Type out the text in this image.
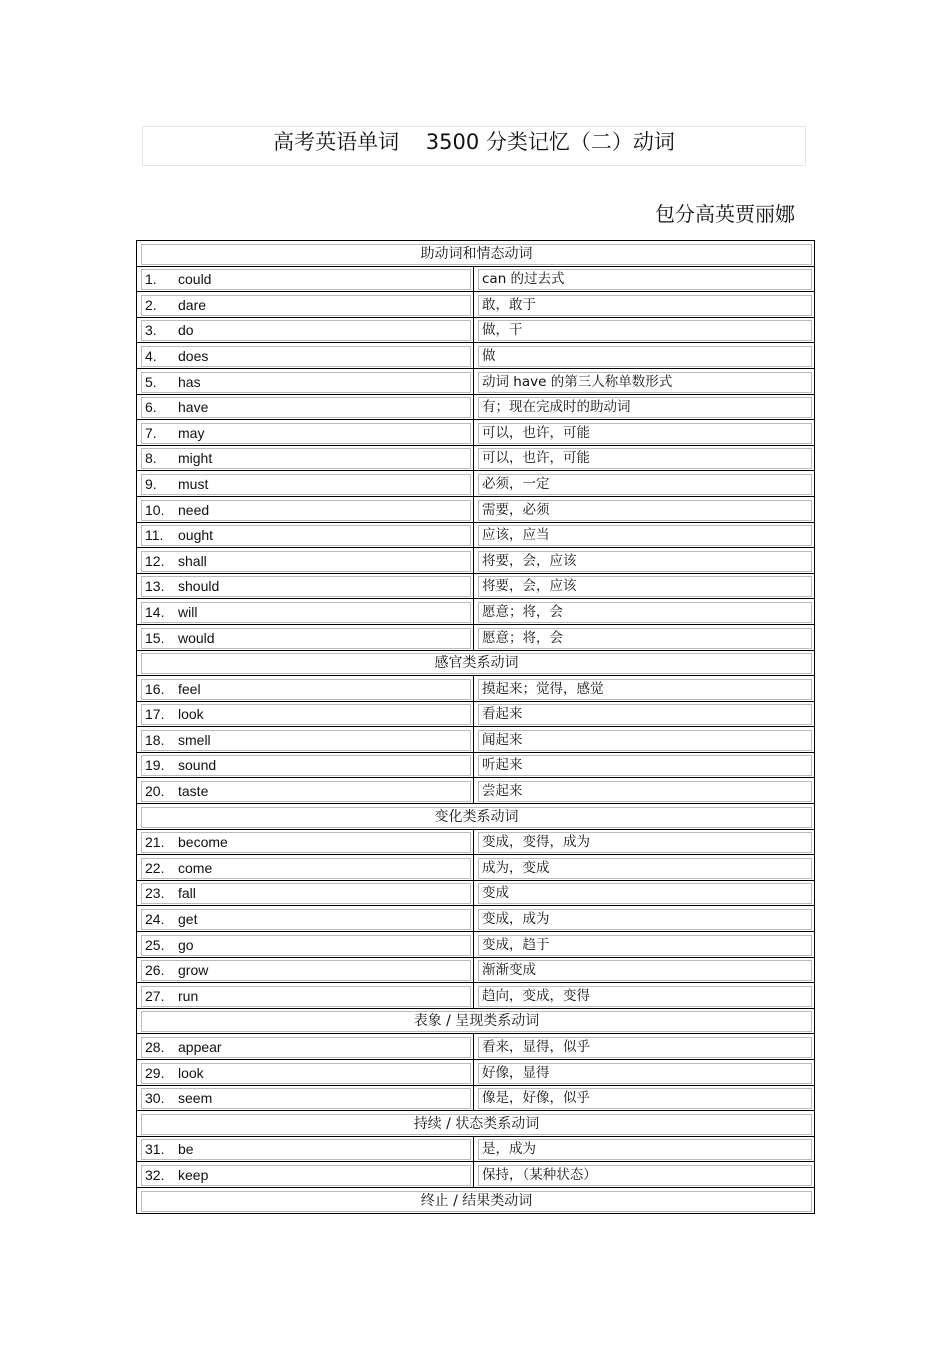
高考英语单词    3500 分类记忆（二）动词
包分高英贾丽娜
助动词和情态动词	

1. could	can 的过去式

2. dare	敢，敢于

3. do	做，干

4. does	做

5. has	动词 have 的第三人称单数形式

6. have	有；现在完成时的助动词

7. may	可以，也许，可能

8. might	可以，也许，可能

9. must	必须，一定

10. need	需要，必须

11. ought	应该，应当

12. shall	将要，会，应该

13. should	将要，会，应该

14. will	愿意；将，会

15. would	愿意；将，会

感官类系动词	

16. feel	摸起来；觉得，感觉

17. look	看起来

18. smell	闻起来

19. sound	听起来

20. taste	尝起来

变化类系动词	

21. become	变成，变得，成为

22. come	成为，变成

23. fall	变成

24. get	变成，成为

25. go	变成，趋于

26. grow	渐渐变成

27. run	趋向，变成，变得

表象 / 呈现类系动词	

28. appear	看来，显得，似乎

29. look	好像，显得

30. seem	像是，好像，似乎

持续 / 状态类系动词	

31. be	是，成为

32. keep	保持，（某种状态）

终止 / 结果类动词	
